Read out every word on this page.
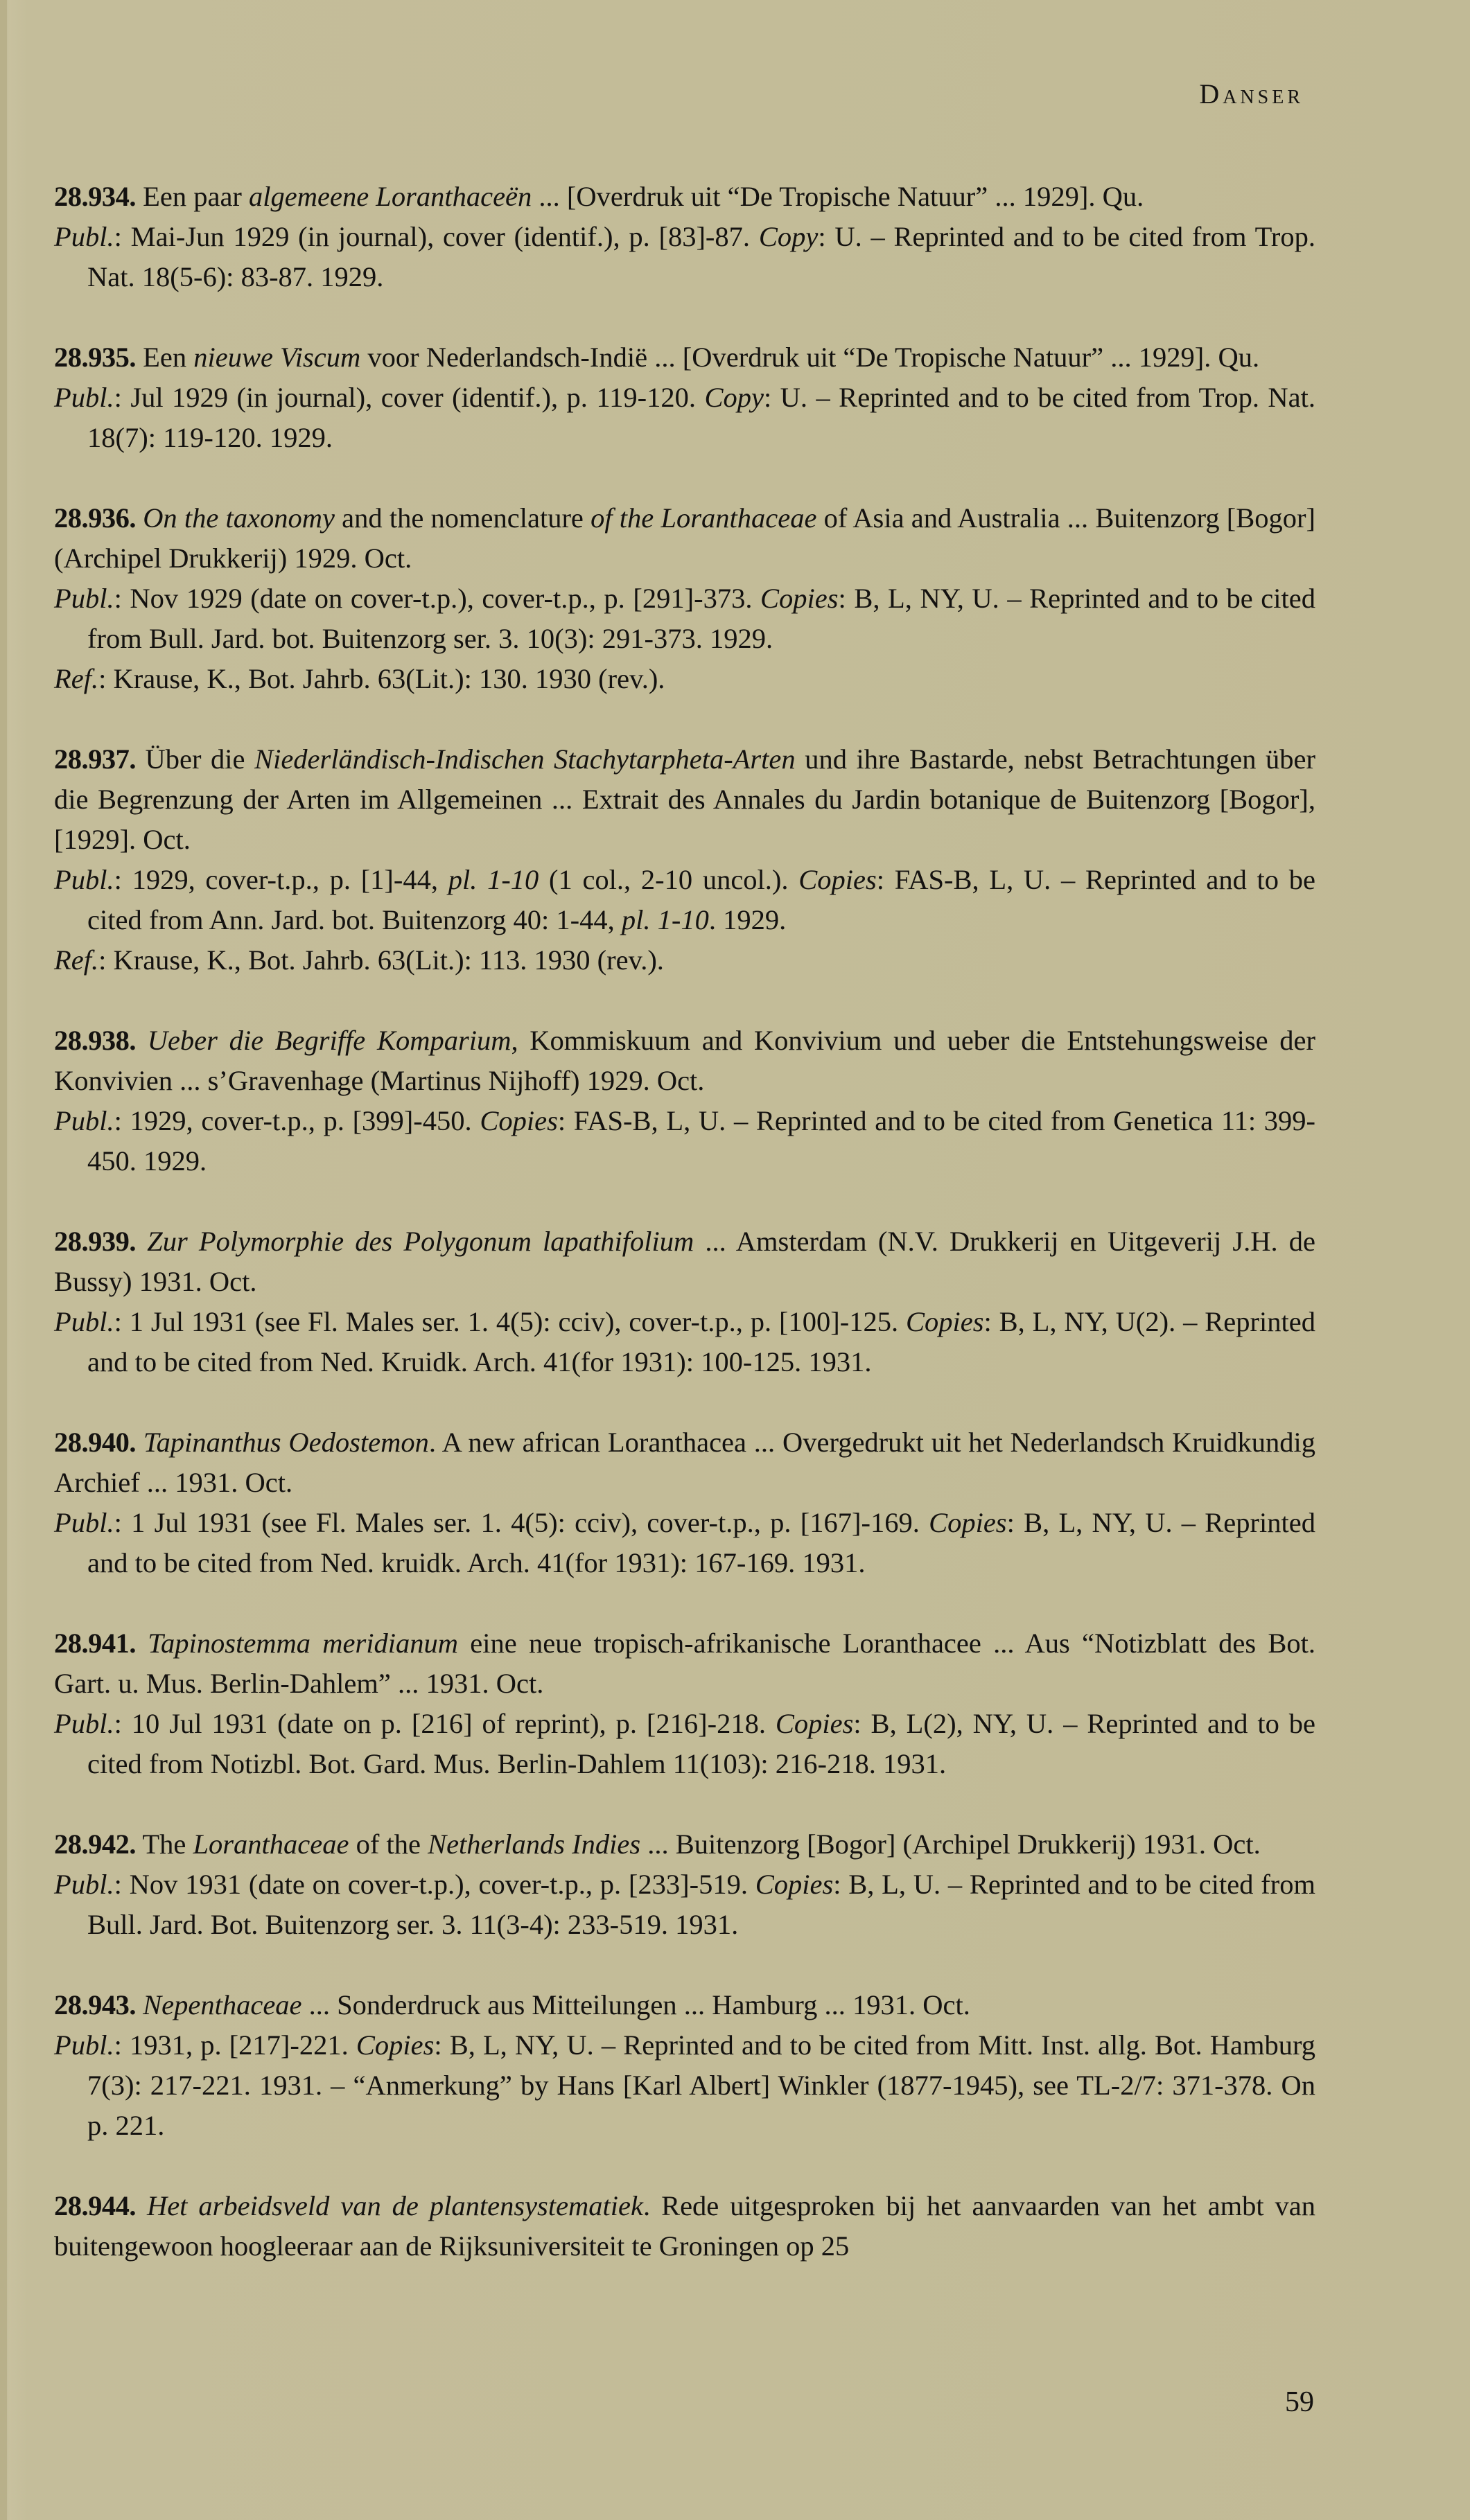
Danser

28.934. Een paar algemeene Loranthaceën ... [Overdruk uit “De Tropische Natuur” ... 1929]. Qu.

Publ.: Mai-Jun 1929 (in journal), cover (identif.), p. [83]-87. Copy: U. – Reprinted and to be cited from Trop. Nat. 18(5-6): 83-87. 1929.

28.935. Een nieuwe Viscum voor Nederlandsch-Indië ... [Overdruk uit “De Tropische Natuur” ... 1929]. Qu.

Publ.: Jul 1929 (in journal), cover (identif.), p. 119-120. Copy: U. – Reprinted and to be cited from Trop. Nat. 18(7): 119-120. 1929.

28.936. On the taxonomy and the nomenclature of the Loranthaceae of Asia and Australia ... Buitenzorg [Bogor] (Archipel Drukkerij) 1929. Oct.

Publ.: Nov 1929 (date on cover-t.p.), cover-t.p., p. [291]-373. Copies: B, L, NY, U. – Reprinted and to be cited from Bull. Jard. bot. Buitenzorg ser. 3. 10(3): 291-373. 1929.

Ref.: Krause, K., Bot. Jahrb. 63(Lit.): 130. 1930 (rev.).

28.937. Über die Niederländisch-Indischen Stachytarpheta-Arten und ihre Bastarde, nebst Betrachtungen über die Begrenzung der Arten im Allgemeinen ... Extrait des Annales du Jardin botanique de Buitenzorg [Bogor], [1929]. Oct.

Publ.: 1929, cover-t.p., p. [1]-44, pl. 1-10 (1 col., 2-10 uncol.). Copies: FAS-B, L, U. – Reprinted and to be cited from Ann. Jard. bot. Buitenzorg 40: 1-44, pl. 1-10. 1929.

Ref.: Krause, K., Bot. Jahrb. 63(Lit.): 113. 1930 (rev.).

28.938. Ueber die Begriffe Komparium, Kommiskuum and Konvivium und ueber die Entstehungsweise der Konvivien ... s’Gravenhage (Martinus Nijhoff) 1929. Oct.

Publ.: 1929, cover-t.p., p. [399]-450. Copies: FAS-B, L, U. – Reprinted and to be cited from Genetica 11: 399-450. 1929.

28.939. Zur Polymorphie des Polygonum lapathifolium ... Amsterdam (N.V. Drukkerij en Uitgeverij J.H. de Bussy) 1931. Oct.

Publ.: 1 Jul 1931 (see Fl. Males ser. 1. 4(5): cciv), cover-t.p., p. [100]-125. Copies: B, L, NY, U(2). – Reprinted and to be cited from Ned. Kruidk. Arch. 41(for 1931): 100-125. 1931.

28.940. Tapinanthus Oedostemon. A new african Loranthacea ... Overgedrukt uit het Nederlandsch Kruidkundig Archief ... 1931. Oct.

Publ.: 1 Jul 1931 (see Fl. Males ser. 1. 4(5): cciv), cover-t.p., p. [167]-169. Copies: B, L, NY, U. – Reprinted and to be cited from Ned. kruidk. Arch. 41(for 1931): 167-169. 1931.

28.941. Tapinostemma meridianum eine neue tropisch-afrikanische Loranthacee ... Aus “Notizblatt des Bot. Gart. u. Mus. Berlin-Dahlem” ... 1931. Oct.

Publ.: 10 Jul 1931 (date on p. [216] of reprint), p. [216]-218. Copies: B, L(2), NY, U. – Reprinted and to be cited from Notizbl. Bot. Gard. Mus. Berlin-Dahlem 11(103): 216-218. 1931.

28.942. The Loranthaceae of the Netherlands Indies ... Buitenzorg [Bogor] (Archipel Drukkerij) 1931. Oct.

Publ.: Nov 1931 (date on cover-t.p.), cover-t.p., p. [233]-519. Copies: B, L, U. – Reprinted and to be cited from Bull. Jard. Bot. Buitenzorg ser. 3. 11(3-4): 233-519. 1931.

28.943. Nepenthaceae ... Sonderdruck aus Mitteilungen ... Hamburg ... 1931. Oct.

Publ.: 1931, p. [217]-221. Copies: B, L, NY, U. – Reprinted and to be cited from Mitt. Inst. allg. Bot. Hamburg 7(3): 217-221. 1931. – “Anmerkung” by Hans [Karl Albert] Winkler (1877-1945), see TL-2/7: 371-378. On p. 221.

28.944. Het arbeidsveld van de plantensystematiek. Rede uitgesproken bij het aanvaarden van het ambt van buitengewoon hoogleeraar aan de Rijksuniversiteit te Groningen op 25

59
